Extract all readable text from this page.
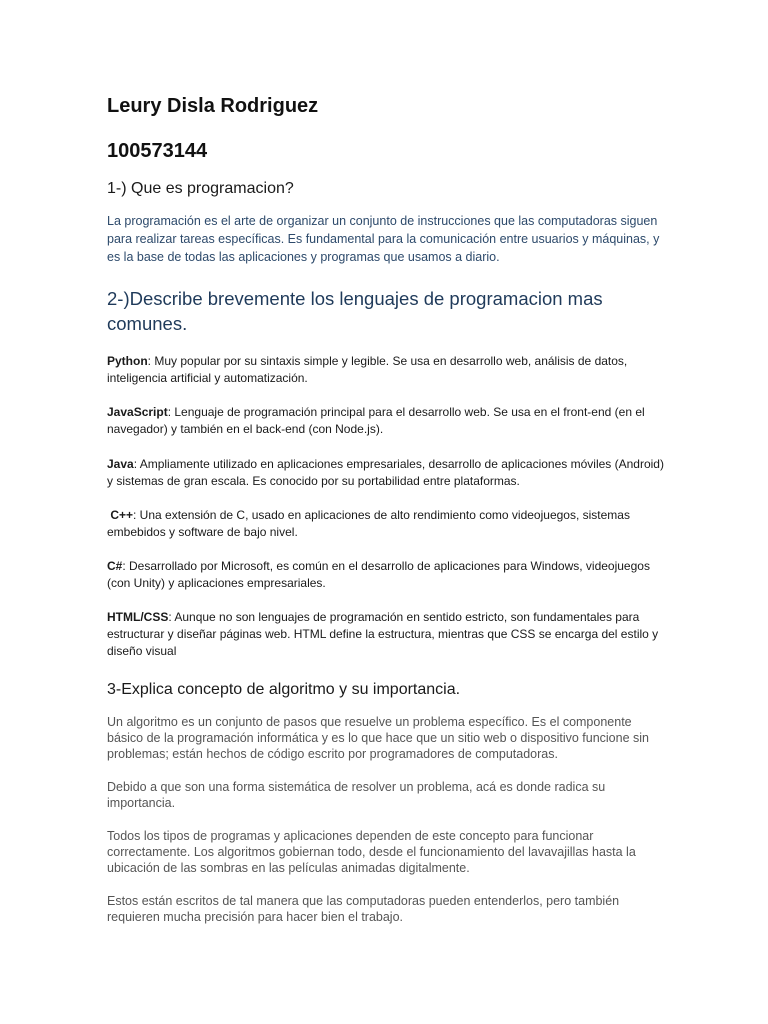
Leury Disla Rodriguez
100573144
1-) Que es programacion?
La programación es el arte de organizar un conjunto de instrucciones que las computadoras siguen para realizar tareas específicas. Es fundamental para la comunicación entre usuarios y máquinas, y es la base de todas las aplicaciones y programas que usamos a diario.
2-)Describe brevemente los lenguajes de programacion mas comunes.
Python: Muy popular por su sintaxis simple y legible. Se usa en desarrollo web, análisis de datos, inteligencia artificial y automatización.
JavaScript: Lenguaje de programación principal para el desarrollo web. Se usa en el front-end (en el navegador) y también en el back-end (con Node.js).
Java: Ampliamente utilizado en aplicaciones empresariales, desarrollo de aplicaciones móviles (Android) y sistemas de gran escala. Es conocido por su portabilidad entre plataformas.
C++: Una extensión de C, usado en aplicaciones de alto rendimiento como videojuegos, sistemas embebidos y software de bajo nivel.
C#: Desarrollado por Microsoft, es común en el desarrollo de aplicaciones para Windows, videojuegos (con Unity) y aplicaciones empresariales.
HTML/CSS: Aunque no son lenguajes de programación en sentido estricto, son fundamentales para estructurar y diseñar páginas web. HTML define la estructura, mientras que CSS se encarga del estilo y diseño visual
3-Explica concepto de algoritmo y su importancia.
Un algoritmo es un conjunto de pasos que resuelve un problema específico. Es el componente básico de la programación informática y es lo que hace que un sitio web o dispositivo funcione sin problemas; están hechos de código escrito por programadores de computadoras.
Debido a que son una forma sistemática de resolver un problema, acá es donde radica su importancia.
Todos los tipos de programas y aplicaciones dependen de este concepto para funcionar correctamente. Los algoritmos gobiernan todo, desde el funcionamiento del lavavajillas hasta la ubicación de las sombras en las películas animadas digitalmente.
Estos están escritos de tal manera que las computadoras pueden entenderlos, pero también requieren mucha precisión para hacer bien el trabajo.
